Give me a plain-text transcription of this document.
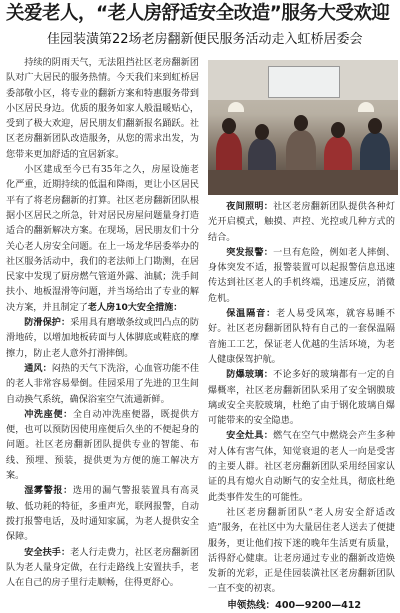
关爱老人，“老人房舒适安全改造”服务大受欢迎
佳园装潢第22场老房翻新便民服务活动走入虹桥居委会

持续的阴雨天气，无法阻挡社区老房翻新团队对广大居民的服务热情。今天我们来到虹桥居委部敬小区，将专业的翻新方案和特惠服务带到小区居民身边。优质的服务如家人般温暖贴心，受到了极大欢迎，居民朋友们翻新报名踊跃。社区老房翻新团队改造服务，从您的需求出发，为您带来更加舒适的宜居新家。

小区建成至今已有35年之久，房屋设施老化严重，近期持续的低温和降雨，更让小区居民平有了将老房翻新的打算。社区老房翻新团队根据小区居民之所急，针对居民房屋问题量身打造适合的翻新解决方案。在现场，居民朋友们十分关心老人房安全问题。在上一场龙华居委举办的社区服务活动中，我们的老法师上门勘测，在居民家中发现了厨房燃气管道外露、油腻；洗手间扶小、地板湿滑等问题，并当场给出了专业的解决方案，并且制定了老人房10大安全措施：

防滑保护：采用具有磨墩条纹或凹凸点的防滑地砖，以增加地板砖面与人体脚底或鞋底的摩擦力，防止老人意外打滑摔倒。

通风：闷热的天气下洗浴，心血管功能不佳的老人非常容易晕倒。佳园采用了先进的卫生间自动换气系统，确保浴室空气流通新鲜。

冲洗座便：全自动冲洗座便器，既提供方便，也可以预防因使用座便后久坐的不便起身的问题。社区老房翻新团队提供专业的智能、布线、预埋、预装，提供更为方便的施工解决方案。

湿雾警报：选用的漏气警报装置具有高灵敏、低功耗的特征，多重声光，联网报警，自动拨打报警电话，及时通知家属，为老人提供安全保障。

安全扶手：老人行走费力，社区老房翻新团队为老人量身定做，在行走路线上安置扶手，老人在自己的房子里行走顺畅，住得更舒心。

夜间照明：社区老房翻新团队提供各种灯光开启模式，触摸、声控、光控或几种方式的结合。

突发报警：一旦有危险，例如老人摔倒、身体突发不适，报警装置可以起报警信息迅速传达到社区老人的手机终端，迅速反应，消微危机。

保温隔音：老人易受风寒，就容易睡不好。社区老房翻新团队特有自己的一套保温隔音施工工艺，保证老人优越的生活环境，为老人健康保驾护航。

防爆玻璃：不论多好的玻璃都有一定的自爆概率，社区老房翻新团队采用了安全钢膜玻璃或安全夹胶玻璃，杜绝了由于钢化玻璃自爆可能带来的安全隐患。

安全灶具：燃气在空气中燃烧会产生多种对人体有害气体，知觉衰退的老人一向是受害的主要人群。社区老房翻新团队采用经国家认证的具有熄火自动断气的安全灶具，彻底杜绝此类事件发生的可能性。

社区老房翻新团队“老人房安全舒适改造”服务，在社区中为大量居住老人送去了便捷服务，更让他们按下迷的晚年生活更有质量，活得舒心健康。让老房通过专业的翻新改造焕发新的光彩，正是佳园装潢社区老房翻新团队一直不变的初衷。

申领热线：400—9200—412
